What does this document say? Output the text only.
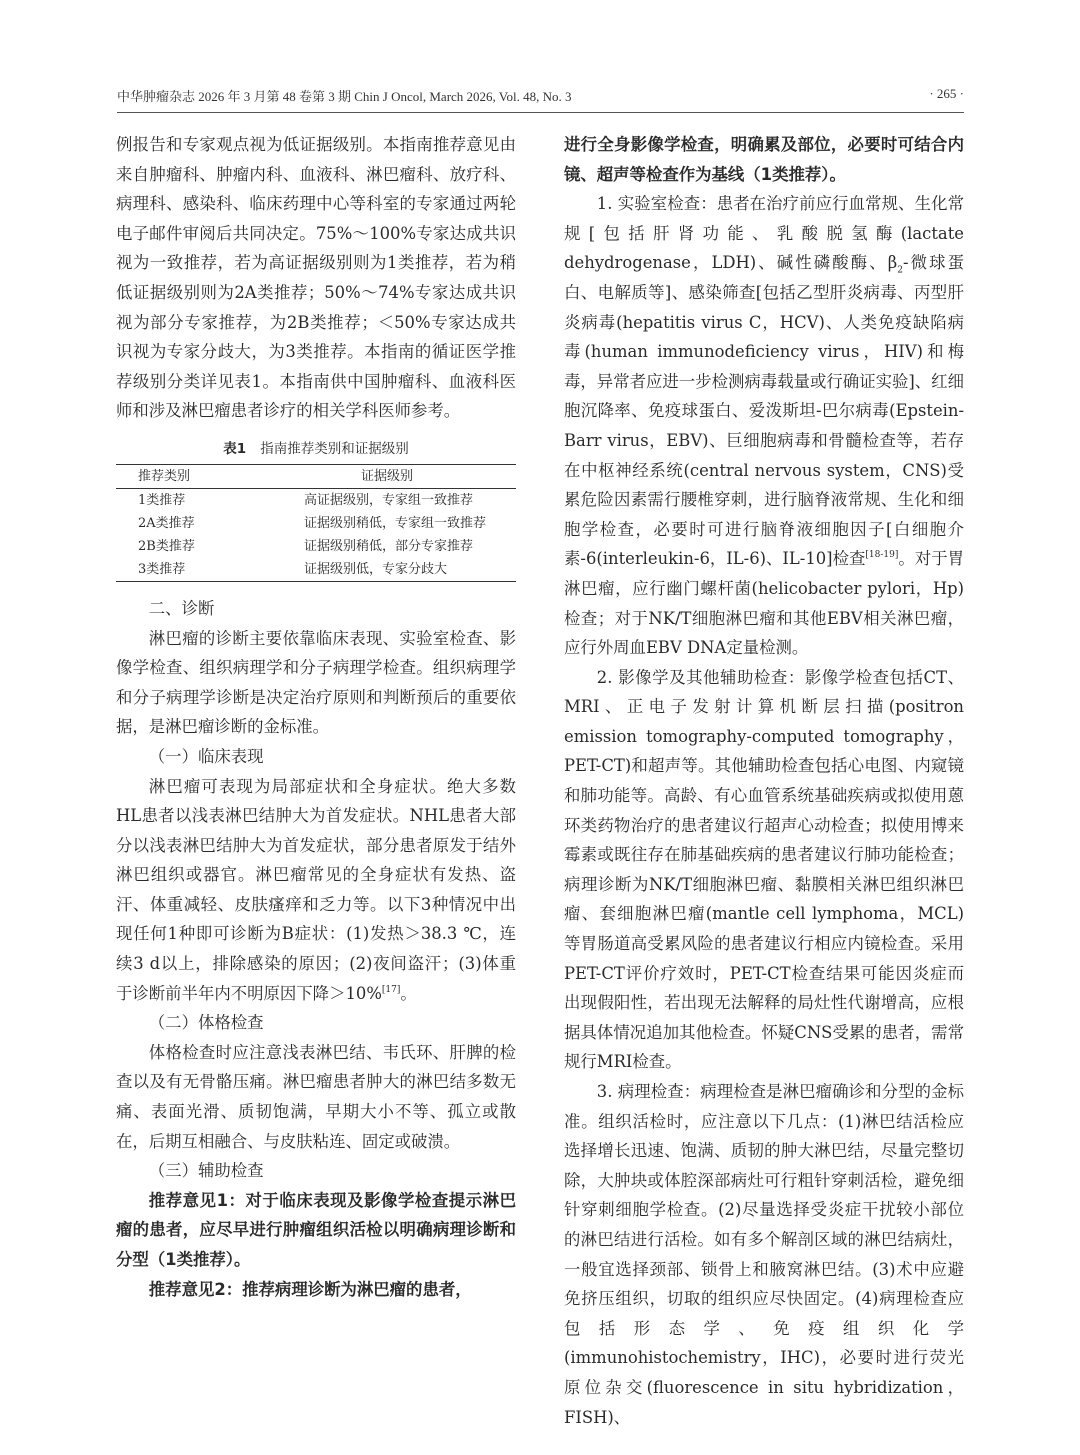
中华肿瘤杂志 2026 年 3 月第 48 卷第 3 期 Chin J Oncol, March 2026, Vol. 48, No. 3	· 265 ·

例报告和专家观点视为低证据级别。本指南推荐意见由来自肿瘤科、肿瘤内科、血液科、淋巴瘤科、放疗科、病理科、感染科、临床药理中心等科室的专家通过两轮电子邮件审阅后共同决定。75%～100%专家达成共识视为一致推荐，若为高证据级别则为1类推荐，若为稍低证据级别则为2A类推荐；50%～74%专家达成共识视为部分专家推荐，为2B类推荐；＜50%专家达成共识视为专家分歧大，为3类推荐。本指南的循证医学推荐级别分类详见表1。本指南供中国肿瘤科、血液科医师和涉及淋巴瘤患者诊疗的相关学科医师参考。

表1 指南推荐类别和证据级别
推荐类别	证据级别
1类推荐	高证据级别，专家组一致推荐
2A类推荐	证据级别稍低，专家组一致推荐
2B类推荐	证据级别稍低，部分专家推荐
3类推荐	证据级别低，专家分歧大
二、诊断

淋巴瘤的诊断主要依靠临床表现、实验室检查、影像学检查、组织病理学和分子病理学检查。组织病理学和分子病理学诊断是决定治疗原则和判断预后的重要依据，是淋巴瘤诊断的金标准。

（一）临床表现

淋巴瘤可表现为局部症状和全身症状。绝大多数HL患者以浅表淋巴结肿大为首发症状。NHL患者大部分以浅表淋巴结肿大为首发症状，部分患者原发于结外淋巴组织或器官。淋巴瘤常见的全身症状有发热、盗汗、体重减轻、皮肤瘙痒和乏力等。以下3种情况中出现任何1种即可诊断为B症状：(1)发热＞38.3 ℃，连续3 d以上，排除感染的原因；(2)夜间盗汗；(3)体重于诊断前半年内不明原因下降＞10%[17]。

（二）体格检查

体格检查时应注意浅表淋巴结、韦氏环、肝脾的检查以及有无骨骼压痛。淋巴瘤患者肿大的淋巴结多数无痛、表面光滑、质韧饱满，早期大小不等、孤立或散在，后期互相融合、与皮肤粘连、固定或破溃。

（三）辅助检查

推荐意见1：对于临床表现及影像学检查提示淋巴瘤的患者，应尽早进行肿瘤组织活检以明确病理诊断和分型（1类推荐）。

推荐意见2：推荐病理诊断为淋巴瘤的患者，

进行全身影像学检查，明确累及部位，必要时可结合内镜、超声等检查作为基线（1类推荐）。

1. 实验室检查：患者在治疗前应行血常规、生化常规[包括肝肾功能、乳酸脱氢酶(lactate dehydrogenase，LDH)、碱性磷酸酶、$\beta_2-$微球蛋白、电解质等]、感染筛查[包括乙型肝炎病毒、丙型肝炎病毒(hepatitis virus C，HCV)、人类免疫缺陷病毒(human immunodeficiency virus，HIV)和梅毒，异常者应进一步检测病毒载量或行确证实验]、红细胞沉降率、免疫球蛋白、爱泼斯坦-巴尔病毒(Epstein-Barr virus，EBV)、巨细胞病毒和骨髓检查等，若存在中枢神经系统(central nervous system，CNS)受累危险因素需行腰椎穿刺，进行脑脊液常规、生化和细胞学检查，必要时可进行脑脊液细胞因子[白细胞介素-6(interleukin-6，IL-6)、IL-10]检查[18-19]。对于胃淋巴瘤，应行幽门螺杆菌(helicobacter pylori，Hp)检查；对于NK/T细胞淋巴瘤和其他EBV相关淋巴瘤，应行外周血EBV DNA定量检测。

2. 影像学及其他辅助检查：影像学检查包括CT、MRI、正电子发射计算机断层扫描(positron emission tomography-computed tomography，PET-CT)和超声等。其他辅助检查包括心电图、内窥镜和肺功能等。高龄、有心血管系统基础疾病或拟使用蒽环类药物治疗的患者建议行超声心动检查；拟使用博来霉素或既往存在肺基础疾病的患者建议行肺功能检查；病理诊断为NK/T细胞淋巴瘤、黏膜相关淋巴组织淋巴瘤、套细胞淋巴瘤(mantle cell lymphoma，MCL)等胃肠道高受累风险的患者建议行相应内镜检查。采用PET-CT评价疗效时，PET-CT检查结果可能因炎症而出现假阳性，若出现无法解释的局灶性代谢增高，应根据具体情况追加其他检查。怀疑CNS受累的患者，需常规行MRI检查。

3. 病理检查：病理检查是淋巴瘤确诊和分型的金标准。组织活检时，应注意以下几点：(1)淋巴结活检应选择增长迅速、饱满、质韧的肿大淋巴结，尽量完整切除，大肿块或体腔深部病灶可行粗针穿刺活检，避免细针穿刺细胞学检查。(2)尽量选择受炎症干扰较小部位的淋巴结进行活检。如有多个解剖区域的淋巴结病灶，一般宜选择颈部、锁骨上和腋窝淋巴结。(3)术中应避免挤压组织，切取的组织应尽快固定。(4)病理检查应包括形态学、免疫组织化学(immunohistochemistry，IHC)，必要时进行荧光原位杂交(fluorescence in situ hybridization，FISH)、
